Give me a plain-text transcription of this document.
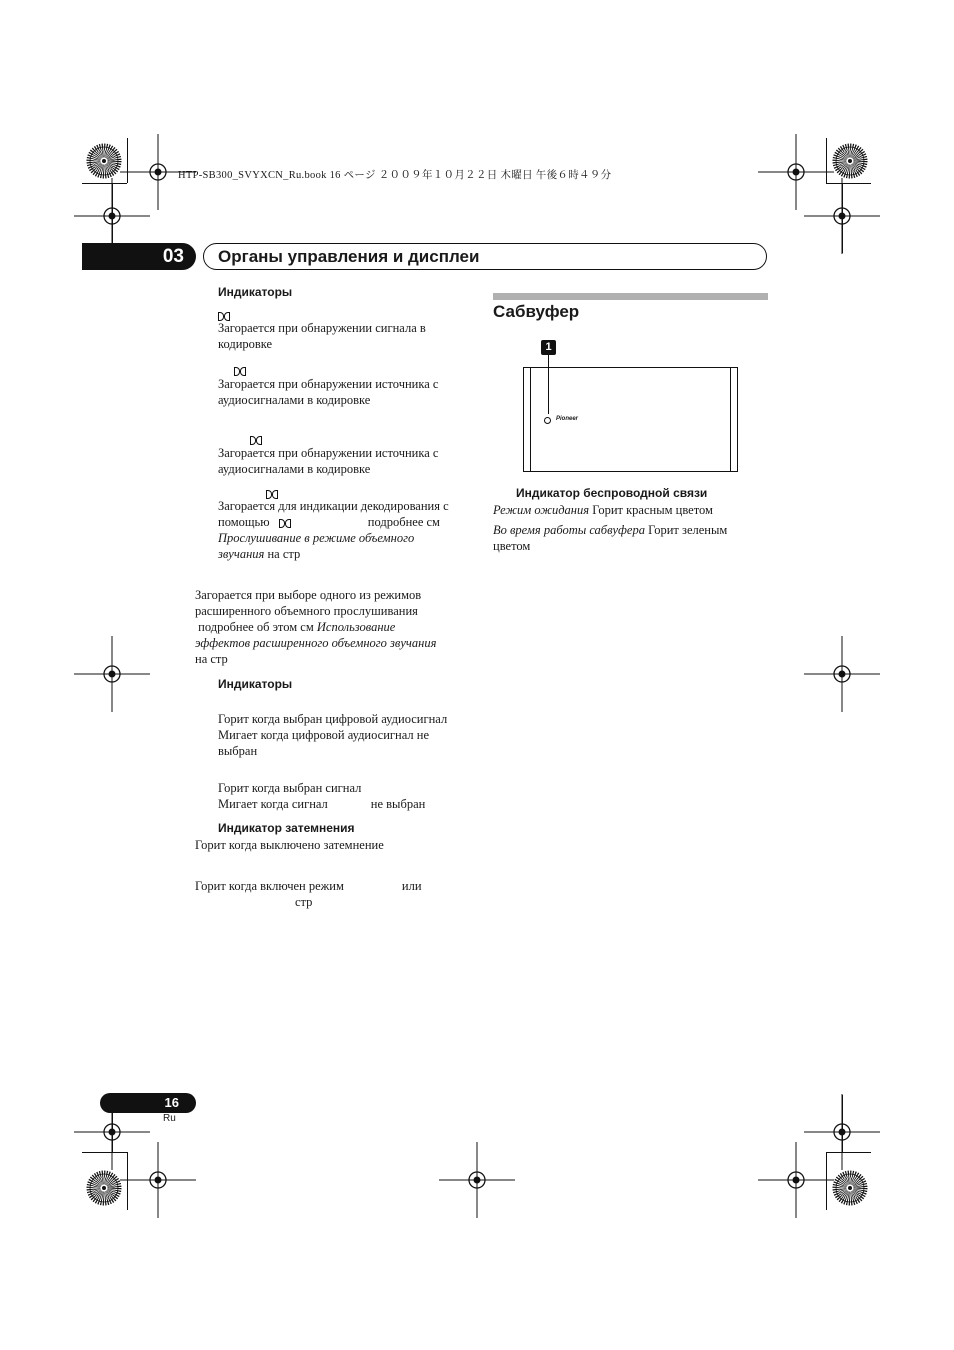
HTP-SB300_SVYXCN_Ru.book 16 ページ ２００９年１０月２２日 木曜日 午後６時４９分
03	Органы управления и дисплеи
Индикаторы

Загорается при обнаружении сигнала в
кодировке

Загорается при обнаружении источника с
аудиосигналами в кодировке

Загорается при обнаружении источника с
аудиосигналами в кодировке
Загорается для индикации декодирования с
помощью	подробнее см
Прослушивание в режиме объемного
звучания на стр
Загорается при выборе одного из режимов
расширенного объемного прослушивания
подробнее об этом см Использование
эффектов расширенного объемного звучания
на стр
Индикаторы
Горит когда выбран цифровой аудиосигнал
Мигает когда цифровой аудиосигнал не
выбран
Горит когда выбран сигнал
Мигает когда сигнал	не выбран
Индикатор затемнения
Горит когда выключено затемнение
Горит когда включен режим	или
стр
Сабвуфер
1
Pioneer
Индикатор беспроводной связи
Режим ожидания Горит красным цветом
Во время работы сабвуфера Горит зеленым
цветом
16
Ru
